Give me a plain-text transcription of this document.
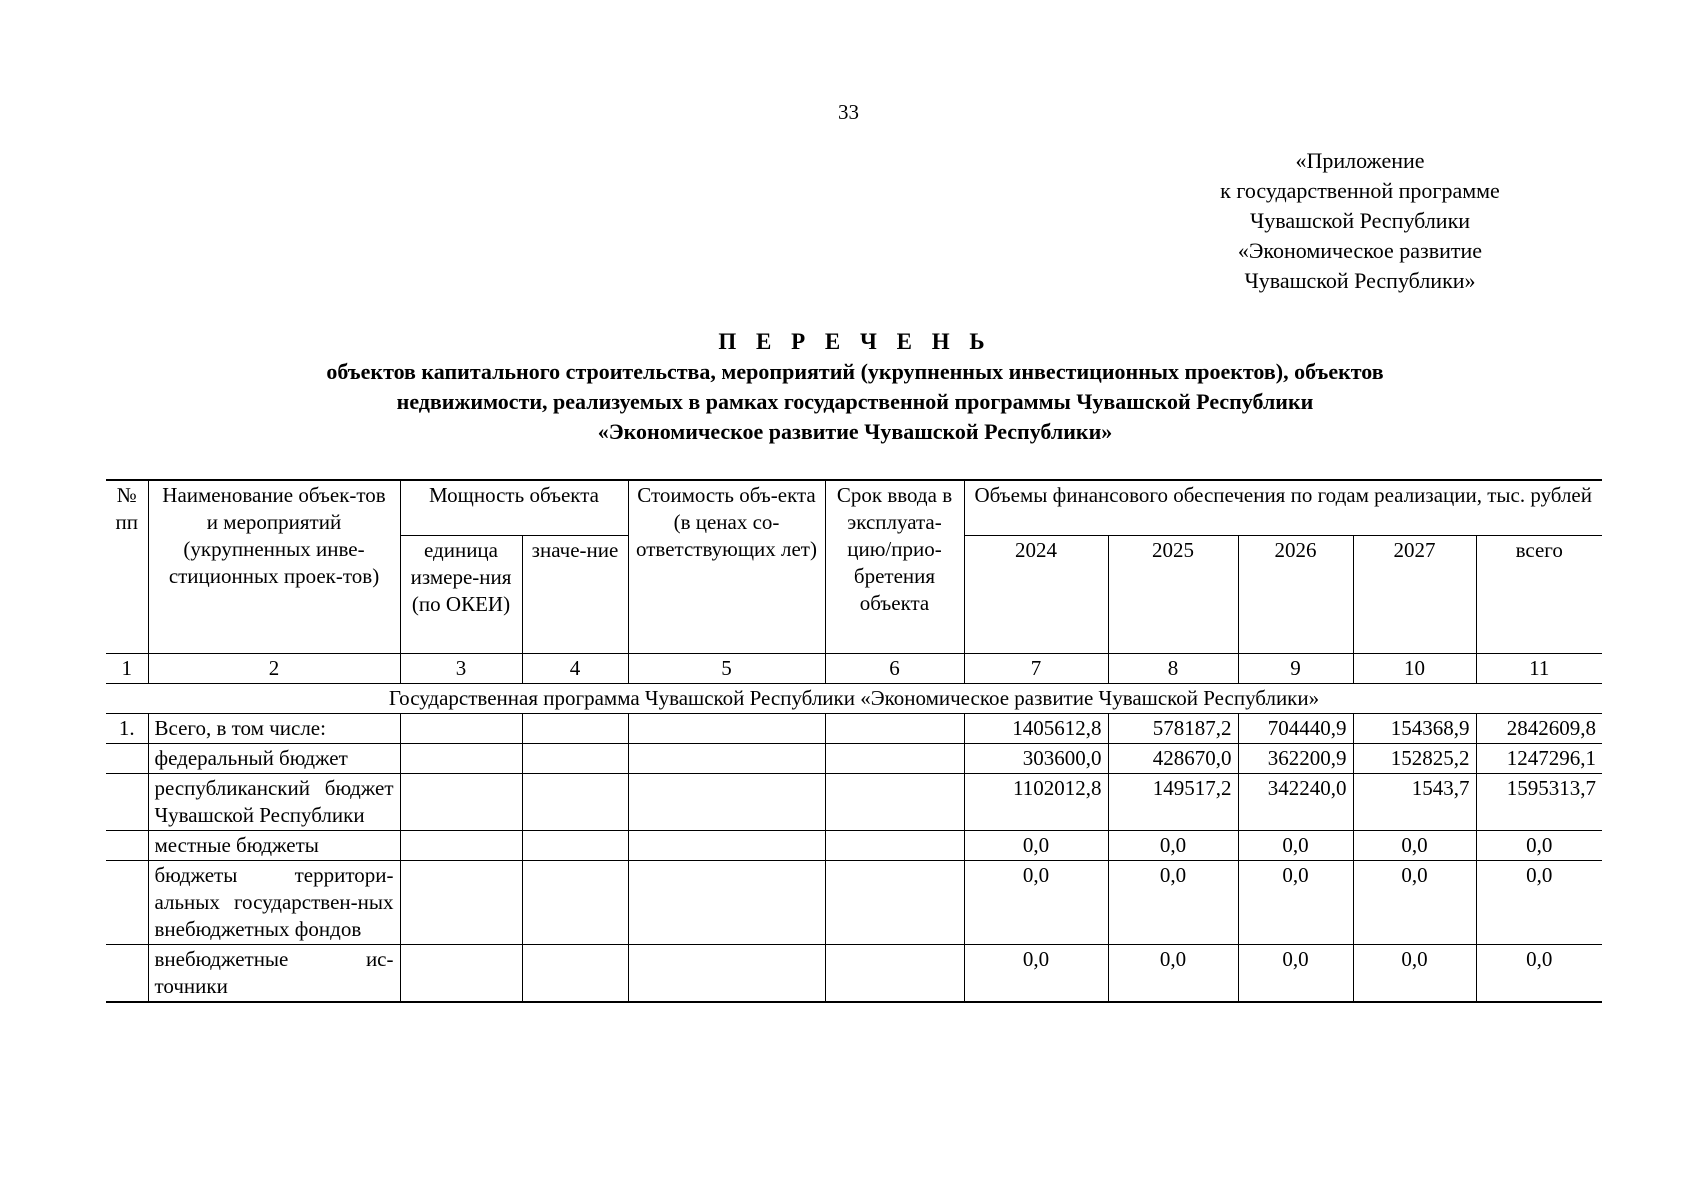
33
«Приложение
к государственной программе
Чувашской Республики
«Экономическое развитие
Чувашской Республики»
П Е Р Е Ч Е Н Ь
объектов капитального строительства, мероприятий (укрупненных инвестиционных проектов), объектов
недвижимости, реализуемых в рамках государственной программы Чувашской Республики
«Экономическое развитие Чувашской Республики»
№ пп	Наименование объек-тов и мероприятий (укрупненных инве-стиционных проек-тов)	Мощность объекта		Стоимость объ-екта (в ценах со-ответствующих лет)	Срок ввода в эксплуата-цию/прио-бретения объекта	Объемы финансового обеспечения по годам реализации, тыс. рублей				
		единица измере-ния (по ОКЕИ)	значе-ние			2024	2025	2026	2027	всего
1	2	3	4	5	6	7	8	9	10	11
Государственная программа Чувашской Республики «Экономическое развитие Чувашской Республики»										
1.	Всего, в том числе:					1405612,8	578187,2	704440,9	154368,9	2842609,8
	федеральный бюджет					303600,0	428670,0	362200,9	152825,2	1247296,1
	республиканский бюджет Чувашской Республики					1102012,8	149517,2	342240,0	1543,7	1595313,7
	местные бюджеты					0,0	0,0	0,0	0,0	0,0
	бюджеты территори-альных государствен-ных внебюджетных фондов					0,0	0,0	0,0	0,0	0,0
	внебюджетные ис-точники					0,0	0,0	0,0	0,0	0,0
